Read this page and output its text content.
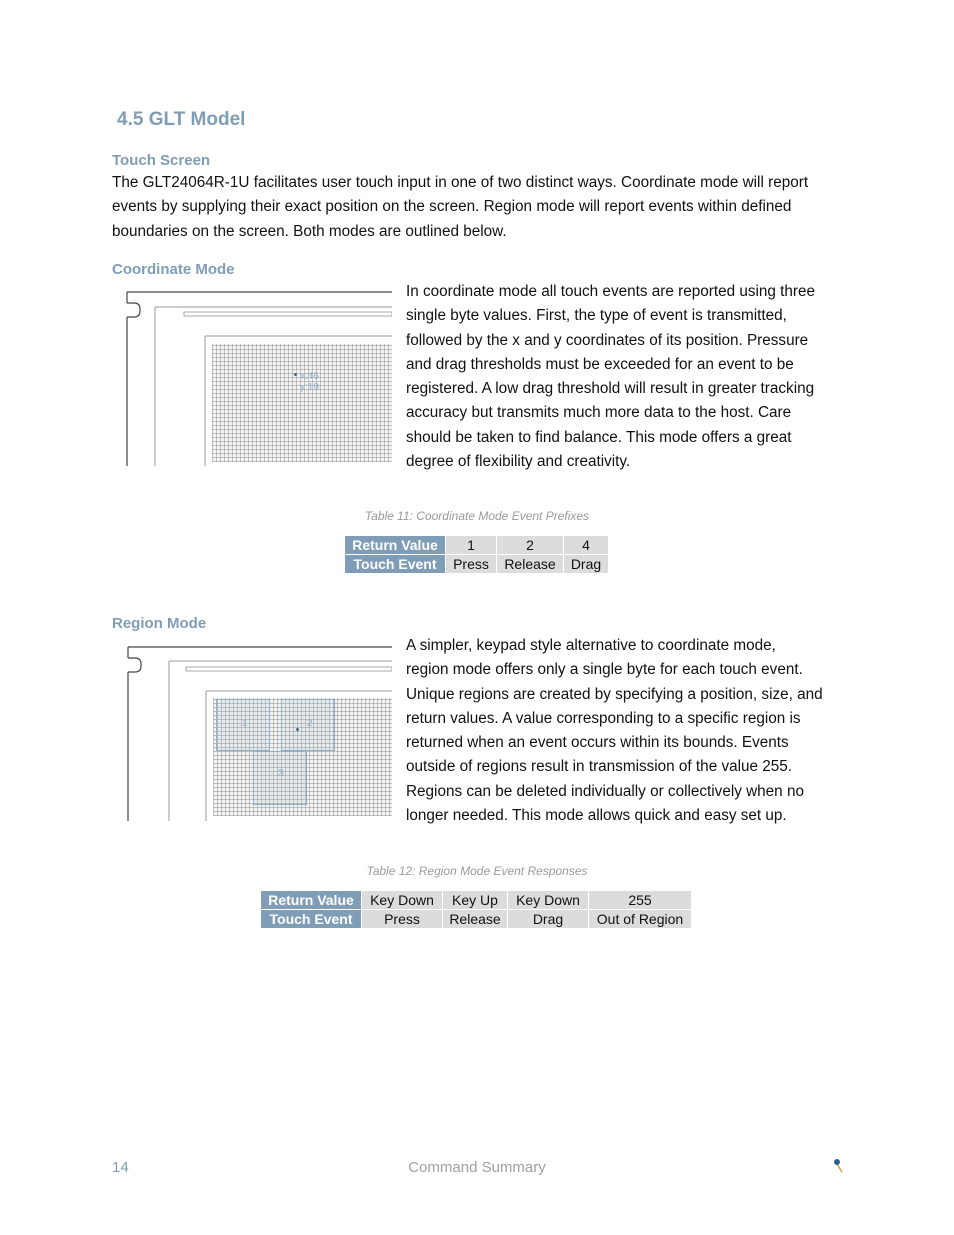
4.5 GLT Model
Touch Screen
The GLT24064R-1U facilitates user touch input in one of two distinct ways. Coordinate mode will report
events by supplying their exact position on the screen. Region mode will report events within defined
boundaries on the screen. Both modes are outlined below.
Coordinate Mode
x:46
y:19
In coordinate mode all touch events are reported using three
single byte values. First, the type of event is transmitted,
followed by the x and y coordinates of its position. Pressure
and drag thresholds must be exceeded for an event to be
registered. A low drag threshold will result in greater tracking
accuracy but transmits much more data to the host. Care
should be taken to find balance. This mode offers a great
degree of flexibility and creativity.
Table 11: Coordinate Mode Event Prefixes
Return Value	1	2	4
Touch Event	Press	Release	Drag
Region Mode
1	2
3
A simpler, keypad style alternative to coordinate mode,
region mode offers only a single byte for each touch event.
Unique regions are created by specifying a position, size, and
return values. A value corresponding to a specific region is
returned when an event occurs within its bounds. Events
outside of regions result in transmission of the value 255.
Regions can be deleted individually or collectively when no
longer needed. This mode allows quick and easy set up.
Table 12: Region Mode Event Responses
Return Value	Key Down	Key Up	Key Down	255
Touch Event	Press	Release	Drag	Out of Region
14	Command Summary
